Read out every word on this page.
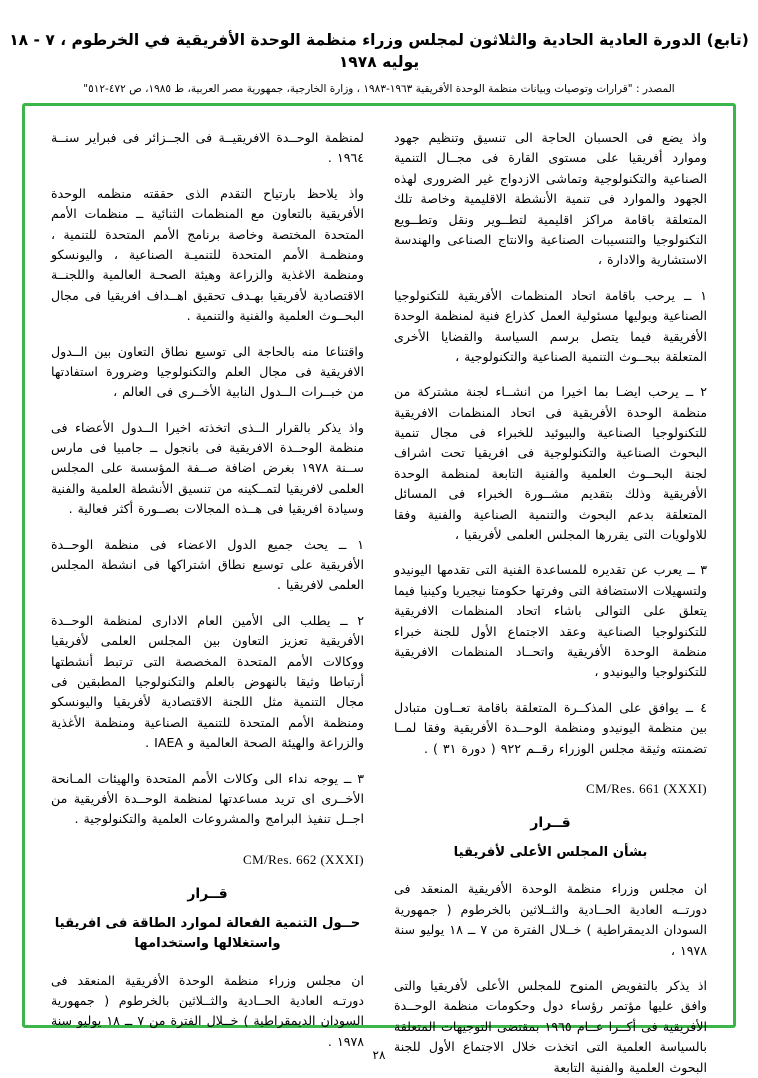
(تابع) الدورة العادية الحادية والثلاثون لمجلس وزراء منظمة الوحدة الأفريقية في الخرطوم ، ٧ - ١٨ يوليه ١٩٧٨
المصدر : "قرارات وتوصيات وبيانات منظمة الوحدة الأفريقية ١٩٦٣-١٩٨٣ ، وزارة الخارجية، جمهورية مصر العربية، ط ١٩٨٥، ص ٤٧٢-٥١٢"

واذ يضع فى الحسبان الحاجة الى تنسيق وتنظيم جهود وموارد أفريقيا على مستوى القارة فى مجــال التنمية الصناعية والتكنولوجية وتماشى الازدواج غير الضرورى لهذه الجهود والموارد فى تنمية الأنشطة الاقليمية وخاصة تلك المتعلقة باقامة مراكز اقليمية لتطــوير ونقل وتطــويع التكنولوجيا والتنسيبات الصناعية والانتاج الصناعى والهندسة الاستشارية والادارة ،

١ ــ يرحب باقامة اتحاد المنظمات الأفريقية للتكنولوجيا الصناعية ويوليها مسئولية العمل كذراع فنية لمنظمة الوحدة الأفريقية فيما يتصل برسم السياسة والقضايا الأخرى المتعلقة ببحــوث التنمية الصناعية والتكنولوجية ،

٢ ــ يرحب ايضـا بما اخيرا من انشــاء لجنة مشتركة من منظمة الوحدة الأفريقية فى اتحاد المنظمات الافريقية للتكنولوجيا الصناعية والبيوئيد للخبراء فى مجال تنمية البحوث الصناعية والتكنولوجية فى افريقيا تحت اشراف لجنة البحــوث العلمية والفنية التابعة لمنظمة الوحدة الأفريقية وذلك بتقديم مشــورة الخبراء فى المسائل المتعلقة بدعم البحوث والتنمية الصناعية والفنية وفقا للاولويات التى يقررها المجلس العلمى لأفريقيا ،

٣ ــ يعرب عن تقديره للمساعدة الفنية التى تقدمها اليونيدو ولتسهيلات الاستضافة التى وفرتها حكومتا نيجيريا وكينيا فيما يتعلق على التوالى باشاء اتحاد المنظمات الافريقية للتكنولوجيا الصناعية وعقد الاجتماع الأول للجنة خبراء منظمة الوحدة الأفريقية واتحــاد المنظمات الافريقية للتكنولوجيا واليونيدو ،

٤ ــ يوافق على المذكــرة المتعلقة باقامة تعــاون متبادل بين منظمة اليونيدو ومنظمة الوحــدة الأفريقية وفقا لمــا تضمنته وثيقة مجلس الوزراء رقــم ٩٢٢ ( دورة ٣١ ) .

CM/Res. 661 (XXXI)
قــرار
بشأن المجلس الأعلى لأفريقيا

ان مجلس وزراء منظمة الوحدة الأفريقية المنعقد فى دورتــه العادية الحــادية والثــلاثين بالخرطوم ( جمهورية السودان الديمقراطية ) خــلال الفترة من ٧ ــ ١٨ يوليو سنة ١٩٧٨ ،

اذ يذكر بالتفويض المنوح للمجلس الأعلى لأفريقيا والتى وافق عليها مؤتمر رؤساء دول وحكومات منظمة الوحــدة الأفريقية فى أكــرا عــام ١٩٦٥ بمقتضى التوجيهات المتعلقة بالسياسة العلمية التى اتخذت خلال الاجتماع الأول للجنة البحوث العلمية والفنية التابعة

لمنظمة الوحــدة الافريقيــة فى الجــزائر فى فبراير سنــة ١٩٦٤ .

واذ يلاحظ بارتياح التقدم الذى حققته منظمه الوحدة الأفريقية بالتعاون مع المنظمات الثنائية ــ منظمات الأمم المتحدة المختصة وخاصة برنامج الأمم المتحدة للتنمية ، ومنظمـة الأمم المتحدة للتنميـة الصناعية ، واليونسكو ومنظمة الاغذية والزراعة وهيئة الصحـة العالمية واللجنــة الاقتصادية لأفريقيا بهـدف تحقيق اهــداف افريقيا فى مجال البحــوث العلمية والفنية والتنمية .

واقتناعا منه بالحاجة الى توسيع نطاق التعاون بين الــدول الافريقية فى مجال العلم والتكنولوجيا وضرورة استفادتها من خبــرات الــدول النابية الأخــرى فى العالم ،

واذ يذكر بالقرار الــذى اتخذته اخيرا الــدول الأعضاء فى منظمة الوحــدة الافريقية فى بانجول ــ جامبيا فى مارس ســنة ١٩٧٨ بغرض اضافة صــفة المؤسسة على المجلس العلمى لافريقيا لتمــكينه من تنسيق الأنشطة العلمية والفنية وسيادة افريقيا فى هــذه المجالات بصــورة أكثر فعالية .

١ ــ يحث جميع الدول الاعضاء فى منظمة الوحــدة الأفريقية على توسيع نطاق اشتراكها فى انشطة المجلس العلمى لافريقيا .

٢ ــ يطلب الى الأمين العام الادارى لمنظمة الوحــدة الأفريقية تعزيز التعاون بين المجلس العلمى لأفريقيا ووكالات الأمم المتحدة المخصصة التى ترتبط أنشطتها أرتباطا وثيقا بالنهوض بالعلم والتكنولوجيا المطبقين فى مجال التنمية مثل اللجنة الاقتصادية لأفريقيا واليونسكو ومنظمة الأمم المتحدة للتنمية الصناعية ومنظمة الأغذية والزراعة والهيئة الصحة العالمية و IAEA .

٣ ــ يوجه نداء الى وكالات الأمم المتحدة والهيئات المـانحة الأخــرى اى تريد مساعدتها لمنظمة الوحــدة الأفريقية من اجــل تنفيذ البرامج والمشروعات العلمية والتكنولوجية .

CM/Res. 662 (XXXI)
قــرار
حــول التنمية الفعالة لموارد الطاقة فى افريقيا واستغلالها واستخدامها

ان مجلس وزراء منظمة الوحدة الأفريقية المنعقد فى دورتـه العادية الحــادية والثــلاثين بالخرطوم ( جمهورية السودان الديمقراطية ) خــلال الفترة من ٧ ــ ١٨ يوليو سنة ١٩٧٨ .

٢٨
